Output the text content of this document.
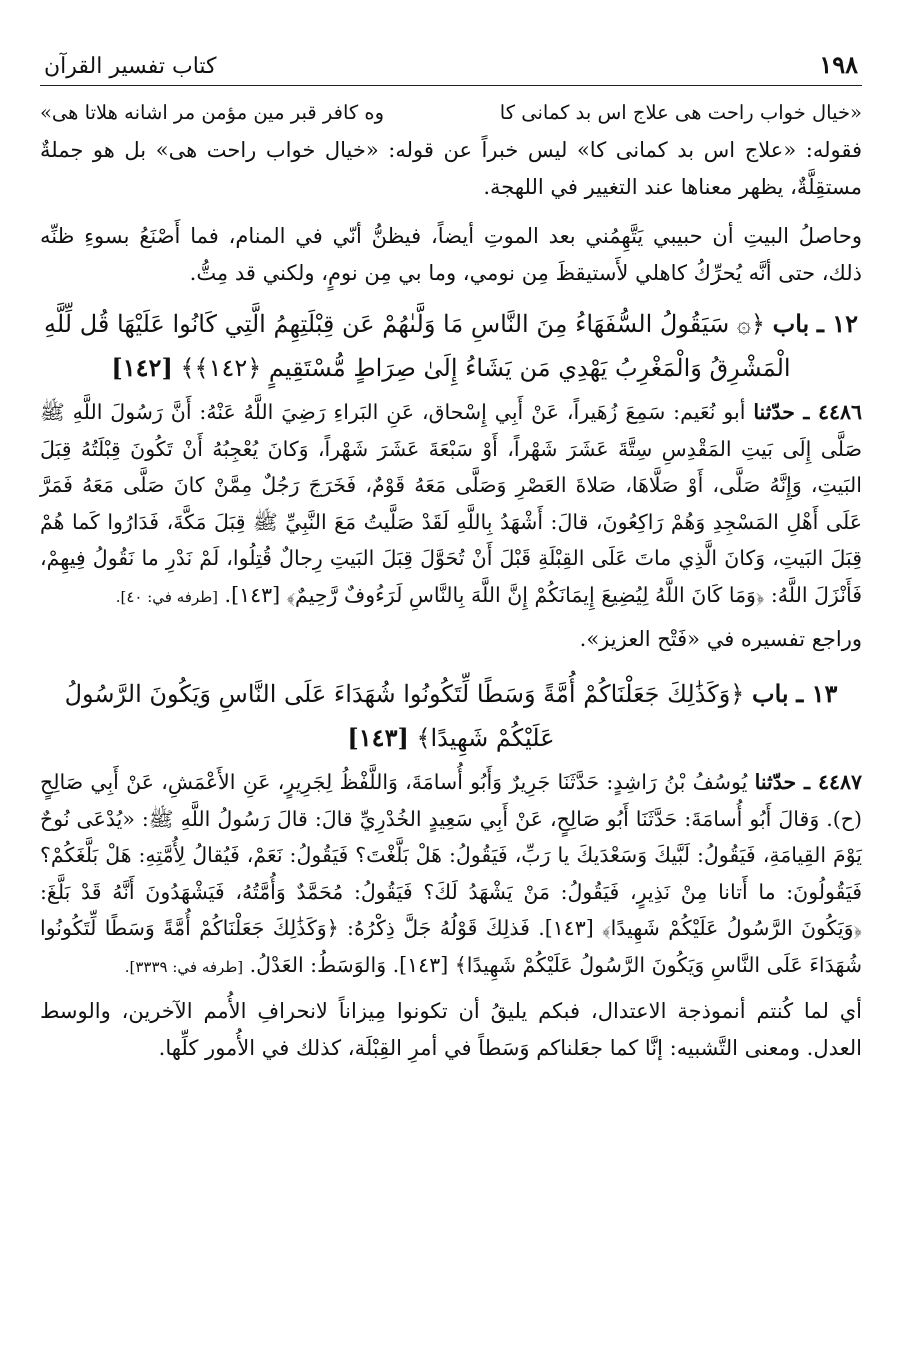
١٩٨
كتاب تفسير القرآن
«خيال خواب راحت هى علاج اس بد كمانى كا
وه كافر قبر مين مؤمن مر اشانه هلاتا هى»

فقوله: «علاج اس بد كمانى كا» ليس خبراً عن قوله: «خيال خواب راحت هى» بل هو جملةٌ مستقِلَّةٌ، يظهر معناها عند التغيير في اللهجة.

وحاصلُ البيتِ أن حبيبي يَتَّهِمُني بعد الموتِ أيضاً، فيظنُّ أنّي في المنام، فما أَصْنَعُ بسوءِ ظنِّه ذلك، حتى أنَّه يُحرِّكُ كاهلي لأَستيقظَ مِن نومي، وما بي مِن نومٍ، ولكني قد مِتُّ.

١٢ ـ باب ﴿۞ سَيَقُولُ السُّفَهَاءُ مِنَ النَّاسِ مَا وَلَّىٰهُمْ عَن قِبْلَتِهِمُ الَّتِي كَانُوا عَلَيْهَا قُل لِّلَّهِ الْمَشْرِقُ وَالْمَغْرِبُ يَهْدِي مَن يَشَاءُ إِلَىٰ صِرَاطٍ مُّسْتَقِيمٍ ﴿١٤٢﴾﴾ [١٤٢]

٤٤٨٦ ـ حدّثنا أبو نُعَيم: سَمِعَ زُهَيراً، عَنْ أَبِي إِسْحاق، عَنِ البَراءِ رَضِيَ اللَّهُ عَنْهُ: أَنَّ رَسُولَ اللَّهِ ﷺ صَلَّى إِلَى بَيتِ المَقْدِسِ سِتَّةَ عَشَرَ شَهْراً، أَوْ سَبْعَةَ عَشَرَ شَهْراً، وَكانَ يُعْجِبُهُ أَنْ تَكُونَ قِبْلَتُهُ قِبَلَ البَيتِ، وَإِنَّهُ صَلَّى، أَوْ صَلَّاهَا، صَلاةَ العَصْرِ وَصَلَّى مَعَهُ قَوْمٌ، فَخَرَجَ رَجُلٌ مِمَّنْ كانَ صَلَّى مَعَهُ فَمَرَّ عَلَى أَهْلِ المَسْجِدِ وَهُمْ رَاكِعُونَ، قالَ: أَشْهَدُ بِاللَّهِ لَقَدْ صَلَّيتُ مَعَ النَّبِيِّ ﷺ قِبَلَ مَكَّةَ، فَدَارُوا كَما هُمْ قِبَلَ البَيتِ، وَكانَ الَّذِي ماتَ عَلَى القِبْلَةِ قَبْلَ أَنْ تُحَوَّلَ قِبَلَ البَيتِ رِجالٌ قُتِلُوا، لَمْ نَدْرِ ما نَقُولُ فِيهِمْ، فَأَنْزَلَ اللَّهُ: ﴿وَمَا كَانَ اللَّهُ لِيُضِيعَ إِيمَانَكُمْ إِنَّ اللَّهَ بِالنَّاسِ لَرَءُوفٌ رَّحِيمٌ﴾ [١٤٣]. [طرفه في: ٤٠].

وراجع تفسيره في «فَتْح العزيز».

١٣ ـ باب ﴿وَكَذَٰلِكَ جَعَلْنَاكُمْ أُمَّةً وَسَطًا لِّتَكُونُوا شُهَدَاءَ عَلَى النَّاسِ وَيَكُونَ الرَّسُولُ عَلَيْكُمْ شَهِيدًا﴾ [١٤٣]

٤٤٨٧ ـ حدّثنا يُوسُفُ بْنُ رَاشِدٍ: حَدَّثَنَا جَرِيرٌ وَأَبُو أُسامَةَ، وَاللَّفْظُ لِجَرِيرٍ، عَنِ الأَعْمَشِ، عَنْ أَبِي صَالِحٍ (ح). وَقالَ أَبُو أُسامَةَ: حَدَّثَنَا أَبُو صَالِحٍ، عَنْ أَبِي سَعِيدٍ الخُدْرِيِّ قالَ: قالَ رَسُولُ اللَّهِ ﷺ: «يُدْعَى نُوحٌ يَوْمَ القِيامَةِ، فَيَقُولُ: لَبَّيكَ وَسَعْدَيكَ يا رَبِّ، فَيَقُولُ: هَلْ بَلَّغْتَ؟ فَيَقُولُ: نَعَمْ، فَيُقالُ لِأُمَّتِهِ: هَلْ بَلَّغَكُمْ؟ فَيَقُولُونَ: ما أَتانا مِنْ نَذِيرٍ، فَيَقُولُ: مَنْ يَشْهَدُ لَكَ؟ فَيَقُولُ: مُحَمَّدٌ وَأُمَّتُهُ، فَيَشْهَدُونَ أَنَّهُ قَدْ بَلَّغَ: ﴿وَيَكُونَ الرَّسُولُ عَلَيْكُمْ شَهِيدًا﴾ [١٤٣]. فَذلِكَ قَوْلُهُ جَلَّ ذِكْرُهُ: ﴿وَكَذَٰلِكَ جَعَلْنَاكُمْ أُمَّةً وَسَطًا لِّتَكُونُوا شُهَدَاءَ عَلَى النَّاسِ وَيَكُونَ الرَّسُولُ عَلَيْكُمْ شَهِيدًا﴾ [١٤٣]. وَالوَسَطُ: العَدْلُ. [طرفه في: ٣٣٣٩].

أي لما كُنتم أنموذجة الاعتدال، فبكم يليقُ أن تكونوا مِيزاناً لانحرافِ الأُمم الآخرين، والوسط العدل. ومعنى التَّشبيه: إنَّا كما جعَلناكم وَسَطاً في أمرِ القِبْلَة، كذلك في الأُمور كلِّها.
